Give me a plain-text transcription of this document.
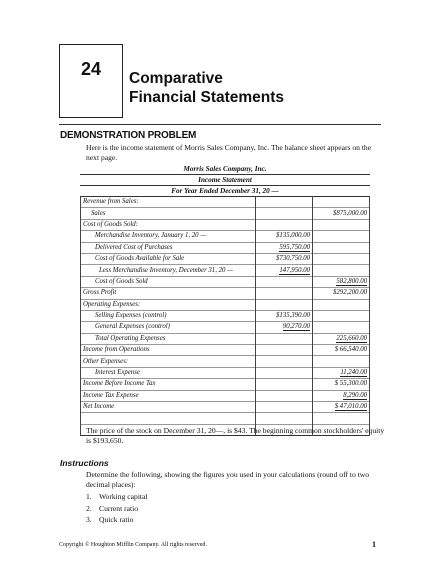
24	Comparative
Financial Statements
DEMONSTRATION PROBLEM
Here is the income statement of Morris Sales Company, Inc. The balance sheet appears on the next page.
Morris Sales Company, Inc.
Income Statement
For Year Ended December 31, 20 —
Revenue from Sales:		
Sales		$875,000.00
Cost of Goods Sold:		
Merchandise Inventory, January 1, 20 —	$135,000.00	
Delivered Cost of Purchases	595,750.00	
Cost of Goods Available for Sale	$730,750.00	
Less Merchandise Inventory, December 31, 20 —	147,950.00	
Cost of Goods Sold		582,800.00
Gross Profit		$292,200.00
Operating Expenses:		
Selling Expenses (control)	$135,390.00	
General Expenses (control)	90,270.00	
Total Operating Expenses		225,660.00
Income from Operations		$ 66,540.00
Other Expenses:		
Interest Expense		11,240.00
Income Before Income Tax		$ 55,300.00
Income Tax Expense		8,290.00
Net Income		$ 47,010.00

The price of the stock on December 31, 20—, is $43. The beginning common stockholders' equity is $193,650.
Instructions
Determine the following, showing the figures you used in your calculations (round off to two decimal places):
1. Working capital
2. Current ratio
3. Quick ratio
Copyright © Houghton Mifflin Company. All rights reserved.	1
